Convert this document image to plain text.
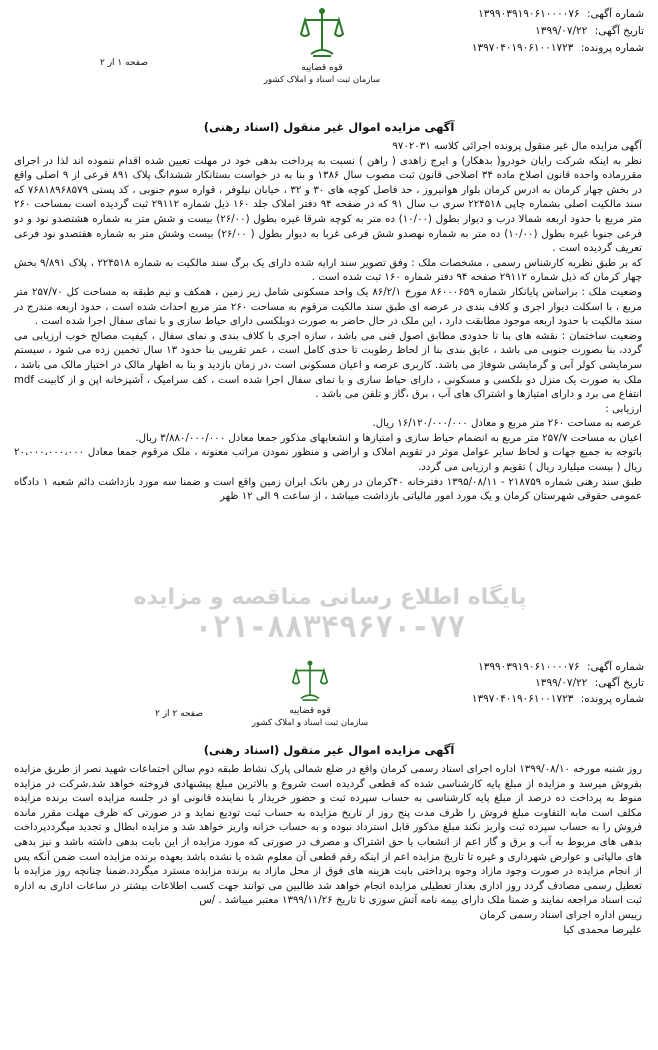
شماره آگهی: ۱۳۹۹۰۳۹۱۹۰۶۱۰۰۰۰۷۶
تاریخ آگهی: ۱۳۹۹/۰۷/۲۲
شماره پرونده: ۱۳۹۷۰۴۰۱۹۰۶۱۰۰۱۷۲۳
قوه قضاییه
سازمان ثبت اسناد و املاک کشور
صفحه ۱ از ۲
آگهی مزایده اموال غیر منقول (اسناد رهنی)

آگهی مزایده مال غیر منقول پرونده اجرائی کلاسه ۹۷۰۲۰۳۱

نظر به اینکه شرکت رایان خودرو( بدهکار) و ایرج زاهدی ( راهن ) نسبت به پرداخت بدهی خود در مهلت تعیین شده اقدام ننموده اند لذا در اجرای مقررماده واحده قانون اصلاح ماده ۳۴ اصلاحی قانون ثبت مصوب سال ۱۳۸۶ و بنا به در خواست بستانکار ششدانگ پلاک ۸۹۱ فرعی از ۹ اصلی واقع در بخش چهار کرمان به ادرس کرمان بلوار هوانیروز ، حد فاصل کوچه های ۳۰ و ۳۲ ، خیابان نیلوفر ، قواره سوم جنوبی ، کد پستی ۷۶۸۱۸۹۶۸۵۷۹ که سند مالکیت اصلی بشماره چاپی ۲۲۴۵۱۸ سری ب سال ۹۱ که در صفحه ۹۴ دفتر املاک جلد ۱۶۰ ذیل شماره ۲۹۱۱۲ ثبت گردیده است بمساحت ۲۶۰ متر مربع با حدود اربعه شمالا درب و دیوار بطول (۱۰/۰۰) ده متر به کوچه شرقا غیره بطول (۲۶/۰۰) بیست و شش متر به شماره هشتصدو نود و دو فرعی جنوبا غیره بطول (۱۰/۰۰) ده متر به شماره نهصدو شش فرعی غربا به دیوار بطول ( ۲۶/۰۰) بیست وشش متر به شماره هفتصدو نود فرعی تعریف گردیده است .

که بر طبق نظریه کارشناس رسمی ، مشخصات ملک : وفق تصویر سند ارایه شده دارای یک برگ سند مالکیت به شماره ۲۲۴۵۱۸ ، پلاک ۹/۸۹۱ بخش چهار کرمان که ذیل شماره ۲۹۱۱۲ صفحه ۹۴ دفتر شماره ۱۶۰ ثبت شده است .

وضعیت ملک : براساس پایانکار شماره ۸۶۰۰۰۶۵۹ مورخ ۸۶/۲/۱ یک واحد مسکونی شامل زیر زمین ، همکف و نیم طبقه به مساحت کل ۲۵۷/۷۰ متر مربع ، با اسکلت دیوار اجری و کلاف بندی در عرصه ای طبق سند مالکیت مرقوم به مساحت ۲۶۰ متر مربع احداث شده است ، حدود اربعه مندرج در سند مالکیت با حدود اربعه موجود مطابقت دارد ، این ملک در حال حاضر به صورت دوبلکسی دارای حیاط سازی و با نمای سفال اجرا شده است .

وضعیت ساختمان : نقشه های بنا تا حدودی مطابق اصول فنی می باشد ، سازه اجری با کلاف بندی و نمای سفال ، کیفیت مصالح خوب ارزیابی می گردد، بنا بصورت جنوبی می باشد ، عایق بندی بنا از لحاظ رطوبت تا حدی کامل است ، عمر تقریبی بنا حدود ۱۳ سال تخمین زده می شود ، سیستم سرمایشی کولر آبی و گرمایشی شوفاژ می باشد. کاربری عرصه و اعیان مسکونی است ،در زمان بازدید و بنا به اظهار مالک در اختیار مالک می باشد ، ملک به صورت یک منزل دو بلکسی و مسکونی ، دارای حیاط سازی و با نمای سفال اجرا شده است ، کف سرامیک ، آشپزخانه اپن و از کابینت mdf انتفاع می برد و دارای امتیازها و اشتراک های آب ، برق ،گاز و تلفن می باشد .

ارزیابی :

عرصه به مساحت ۲۶۰ متر مربع و معادل ۱۶/۱۲۰/۰۰۰/۰۰۰ ریال.

اعیان به مساحت ۲۵۷/۷ متر مربع به انضمام حیاط سازی و امتیازها و انشعابهای مذکور جمعا معادل ۳/۸۸۰/۰۰۰/۰۰۰ ریال.

باتوجه به جمیع جهات و لحاظ سایر عوامل موثر در تقویم املاک و اراضی و منظور نمودن مراتب معنونه ، ملک مرقوم جمعا معادل ۲۰،۰۰۰،۰۰۰،۰۰۰ ریال ( بیست میلیارد ریال ) تقویم و ارزیابی می گردد.

طبق سند رهنی شماره ۲۱۸۷۵۹ - ۱۳۹۵/۰۸/۱۱ دفترخانه ۴۰کرمان در رهن بانک ایران زمین واقع است و ضمنا سه مورد بازداشت دائم شعبه ۱ دادگاه عمومی حقوقی شهرستان کرمان و یک مورد امور مالیاتی بازداشت میباشد ، از ساعت ۹ الی ۱۲ ظهر

پایگاه اطلاع رسانی مناقصه و مزایده
۰۲۱-۸۸۳۴۹۶۷۰-۷۷
شماره آگهی: ۱۳۹۹۰۳۹۱۹۰۶۱۰۰۰۰۷۶
تاریخ آگهی: ۱۳۹۹/۰۷/۲۲
شماره پرونده: ۱۳۹۷۰۴۰۱۹۰۶۱۰۰۱۷۲۳
قوه قضاییه
سازمان ثبت اسناد و املاک کشور
صفحه ۲ از ۲
آگهی مزایده اموال غیر منقول (اسناد رهنی)

روز شنبه مورخه ۱۳۹۹/۰۸/۱۰ اداره اجرای اسناد رسمی کرمان واقع در ضلع شمالی پارک نشاط طبقه دوم سالن اجتماعات شهید نصر از طریق مزایده بفروش میرسد و مزایده از مبلغ پایه کارشناسی شده که قطعی گردیده است شروع و بالاترین مبلغ پیشنهادی فروخته خواهد شد.شرکت در مزایده منوط به پرداخت ده درصد از مبلغ پایه کارشناسی به حساب سپرده ثبت و حضور خریدار یا نماینده قانونی او در جلسه مزایده است برنده مزایده مکلف است مابه التفاوت مبلغ فروش را ظرف مدت پنج روز از تاریخ مزایده به حساب ثبت تودیع نماید و در صورتی که ظرف مهلت مقرر مانده فروش را به حساب سپرده ثبت واریز نکند مبلغ مذکور قابل استرداد نبوده و به حساب خزانه واریز خواهد شد و مزایده ابطال و تجدید میگرددپرداخت بدهی های مربوط به آب و برق و گاز اعم از انشعاب یا حق اشتراک و مصرف در صورتی که مورد مزایده از این بابت بدهی داشته باشد و نیز بدهی های مالیاتی و عوارض شهرداری و غیره تا تاریخ مزایده اعم از اینکه رقم قطعی آن معلوم شده یا نشده باشد بعهده برنده مزایده است ضمن آنکه پس از انجام مزایده در صورت وجود مازاد وجوه پرداختی بابت هزینه های فوق از محل مازاد به برنده مزایده مسترد میگردد.ضمنا چنانچه روز مزایده با تعطیل رسمی مصادف گردد روز اداری بعداز تعطیلی مزایده انجام خواهد شد طالبین می توانند جهت کسب اطلاعات بیشتر در ساعات اداری به اداره ثبت اسناد مراجعه نمایند و ضمنا ملک دارای بیمه نامه آتش سوزی تا تاریخ ۱۳۹۹/۱۱/۲۶ معتبر میباشد . /س

رییس اداره اجرای اسناد رسمی کرمان
علیرضا محمدی کیا
